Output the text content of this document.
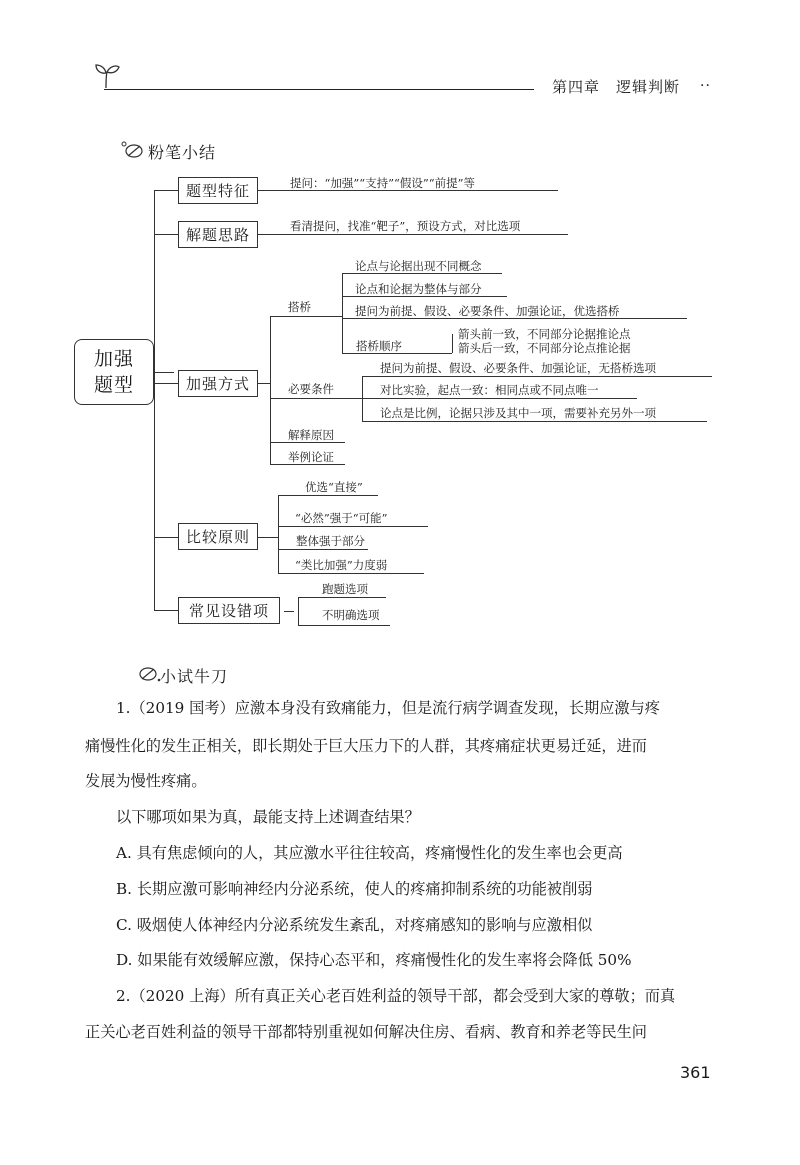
第四章　逻辑判断 ··
粉笔小结
加强
题型
题型特征	提问：“加强”“支持”“假设”“前提”等
解题思路	看清提问，找准“靶子”，预设方式，对比选项
加强方式
搭桥
论点与论据出现不同概念
论点和论据为整体与部分
提问为前提、假设、必要条件、加强论证，优选搭桥
搭桥顺序
箭头前一致，不同部分论据推论点
箭头后一致，不同部分论点推论据
必要条件
提问为前提、假设、必要条件、加强论证，无搭桥选项
对比实验，起点一致：相同点或不同点唯一
论点是比例，论据只涉及其中一项，需要补充另外一项
解释原因
举例论证
比较原则
优选“直接”
“必然”强于“可能”
整体强于部分
“类比加强”力度弱
常见设错项
跑题选项
不明确选项
小试牛刀
1.（2019 国考）应激本身没有致痛能力，但是流行病学调查发现，长期应激与疼
痛慢性化的发生正相关，即长期处于巨大压力下的人群，其疼痛症状更易迁延，进而
发展为慢性疼痛。
以下哪项如果为真，最能支持上述调查结果？
A. 具有焦虑倾向的人，其应激水平往往较高，疼痛慢性化的发生率也会更高
B. 长期应激可影响神经内分泌系统，使人的疼痛抑制系统的功能被削弱
C. 吸烟使人体神经内分泌系统发生紊乱，对疼痛感知的影响与应激相似
D. 如果能有效缓解应激，保持心态平和，疼痛慢性化的发生率将会降低 50%
2.（2020 上海）所有真正关心老百姓利益的领导干部，都会受到大家的尊敬；而真
正关心老百姓利益的领导干部都特别重视如何解决住房、看病、教育和养老等民生问
361
